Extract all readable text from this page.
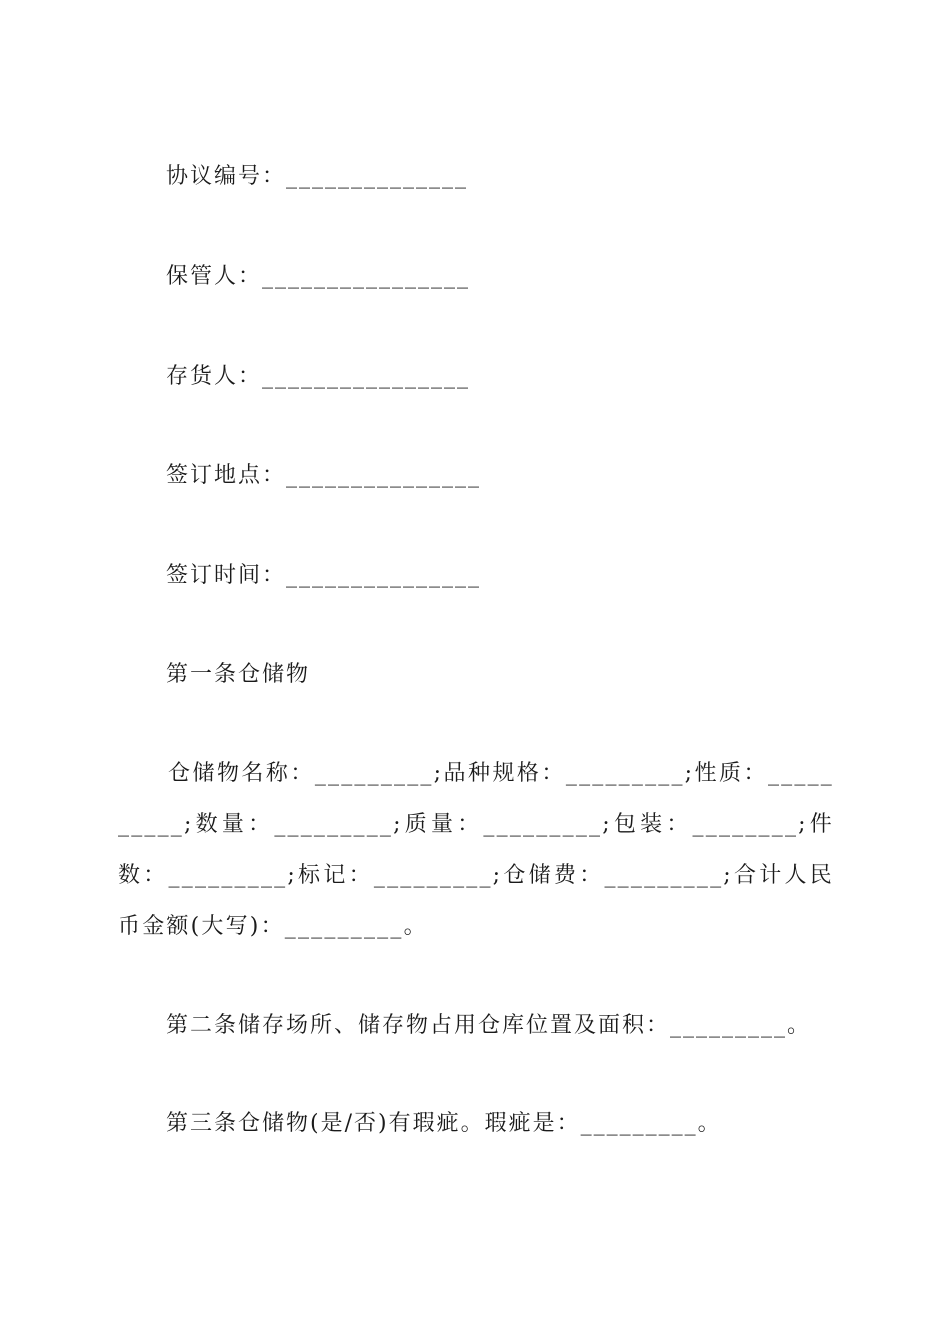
协议编号：______________
保管人：________________
存货人：________________
签订地点：_______________
签订时间：_______________
第一条仓储物
仓储物名称：_________;品种规格：_________;性质：__________;数量：_________;质量：_________;包装：________;件数：_________;标记：_________;仓储费：_________;合计人民币金额(大写)：_________。
第二条储存场所、储存物占用仓库位置及面积：_________。
第三条仓储物(是/否)有瑕疵。瑕疵是：_________。
